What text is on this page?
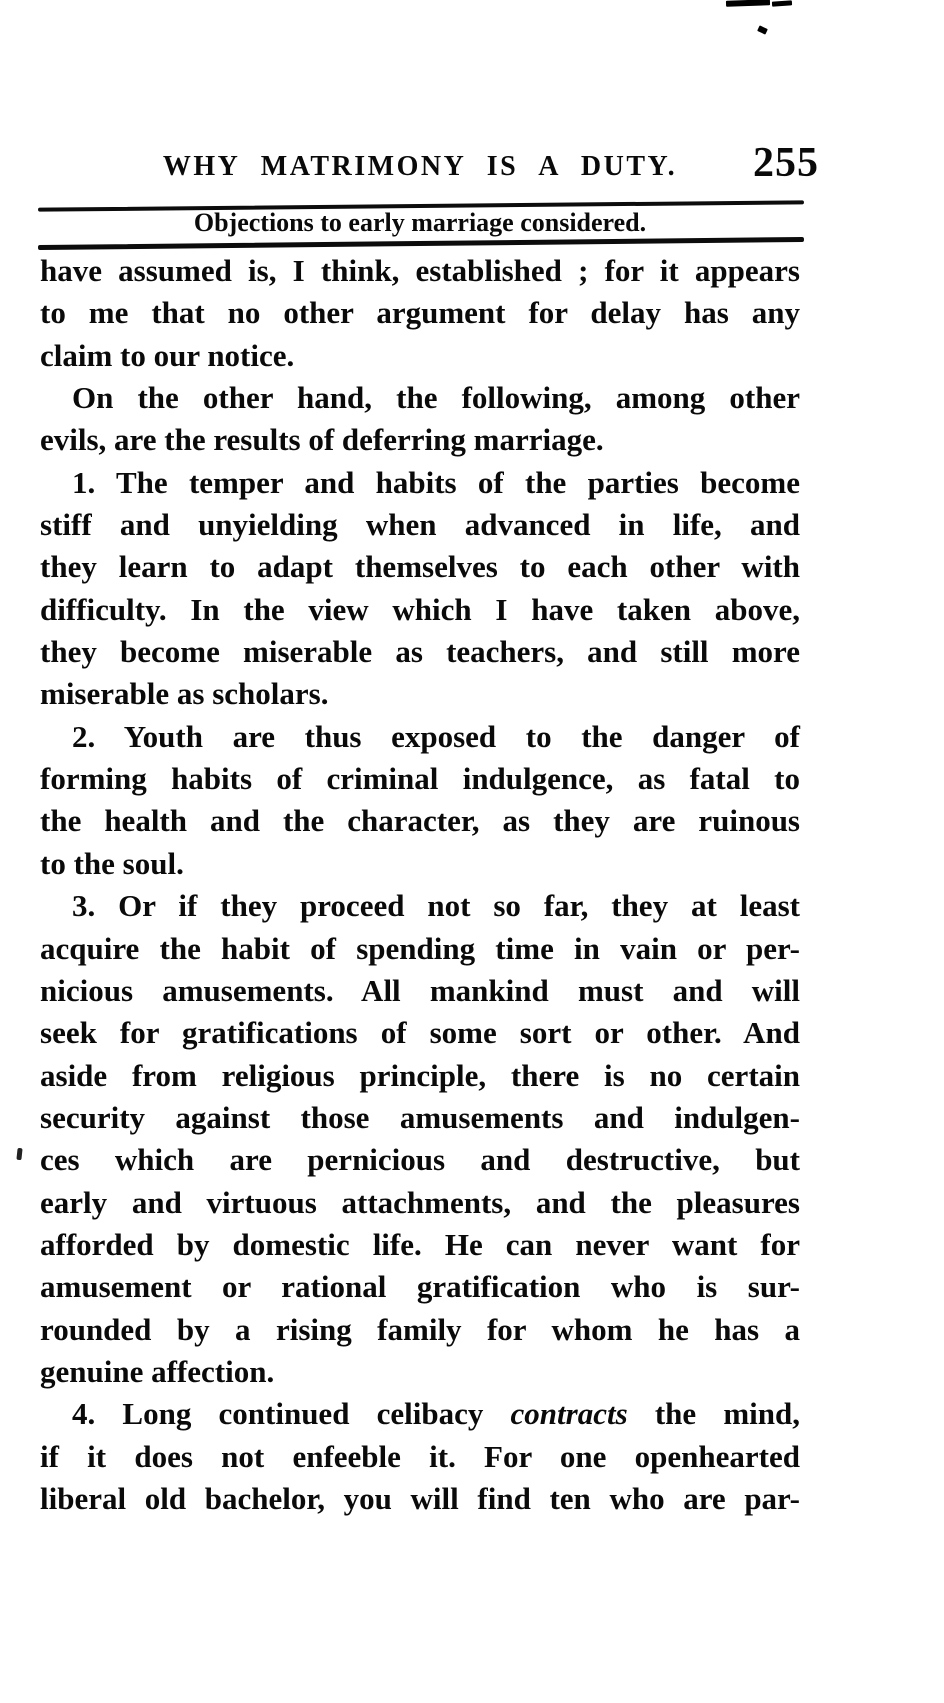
WHY MATRIMONY IS A DUTY.	255
Objections to early marriage considered.
have assumed is, I think, established ; for it appears
to me that no other argument for delay has any
claim to our notice.
On the other hand, the following, among other
evils, are the results of deferring marriage.
1. The temper and habits of the parties become
stiff and unyielding when advanced in life, and
they learn to adapt themselves to each other with
difficulty. In the view which I have taken above,
they become miserable as teachers, and still more
miserable as scholars.
2. Youth are thus exposed to the danger of
forming habits of criminal indulgence, as fatal to
the health and the character, as they are ruinous
to the soul.
3. Or if they proceed not so far, they at least
acquire the habit of spending time in vain or per-
nicious amusements. All mankind must and will
seek for gratifications of some sort or other. And
aside from religious principle, there is no certain
security against those amusements and indulgen-
ces which are pernicious and destructive, but
early and virtuous attachments, and the pleasures
afforded by domestic life. He can never want for
amusement or rational gratification who is sur-
rounded by a rising family for whom he has a
genuine affection.
4. Long continued celibacy contracts the mind,
if it does not enfeeble it. For one openhearted
liberal old bachelor, you will find ten who are par-
